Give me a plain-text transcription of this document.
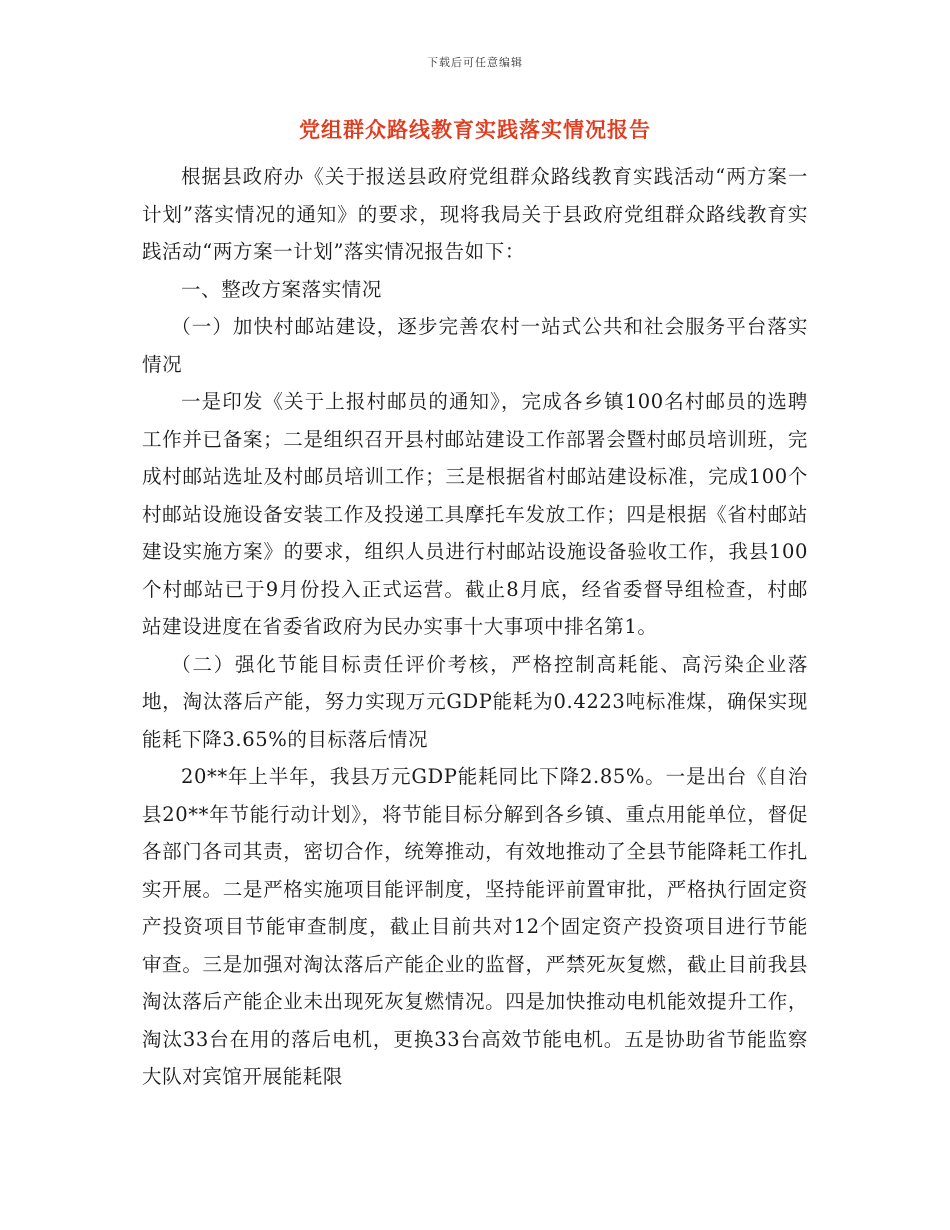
下载后可任意编辑
党组群众路线教育实践落实情况报告

根据县政府办《关于报送县政府党组群众路线教育实践活动“两方案一计划”落实情况的通知》的要求，现将我局关于县政府党组群众路线教育实践活动“两方案一计划”落实情况报告如下：

一、整改方案落实情况

（一）加快村邮站建设，逐步完善农村一站式公共和社会服务平台落实情况

一是印发《关于上报村邮员的通知》，完成各乡镇100名村邮员的选聘工作并已备案；二是组织召开县村邮站建设工作部署会暨村邮员培训班，完成村邮站选址及村邮员培训工作；三是根据省村邮站建设标准，完成100个村邮站设施设备安装工作及投递工具摩托车发放工作；四是根据《省村邮站建设实施方案》的要求，组织人员进行村邮站设施设备验收工作，我县100个村邮站已于9月份投入正式运营。截止8月底，经省委督导组检查，村邮站建设进度在省委省政府为民办实事十大事项中排名第1。

（二）强化节能目标责任评价考核，严格控制高耗能、高污染企业落地，淘汰落后产能，努力实现万元GDP能耗为0.4223吨标准煤，确保实现能耗下降3.65%的目标落后情况

20**年上半年，我县万元GDP能耗同比下降2.85%。一是出台《自治县20**年节能行动计划》，将节能目标分解到各乡镇、重点用能单位，督促各部门各司其责，密切合作，统筹推动，有效地推动了全县节能降耗工作扎实开展。二是严格实施项目能评制度，坚持能评前置审批，严格执行固定资产投资项目节能审查制度，截止目前共对12个固定资产投资项目进行节能审查。三是加强对淘汰落后产能企业的监督，严禁死灰复燃，截止目前我县淘汰落后产能企业未出现死灰复燃情况。四是加快推动电机能效提升工作，淘汰33台在用的落后电机，更换33台高效节能电机。五是协助省节能监察大队对宾馆开展能耗限
